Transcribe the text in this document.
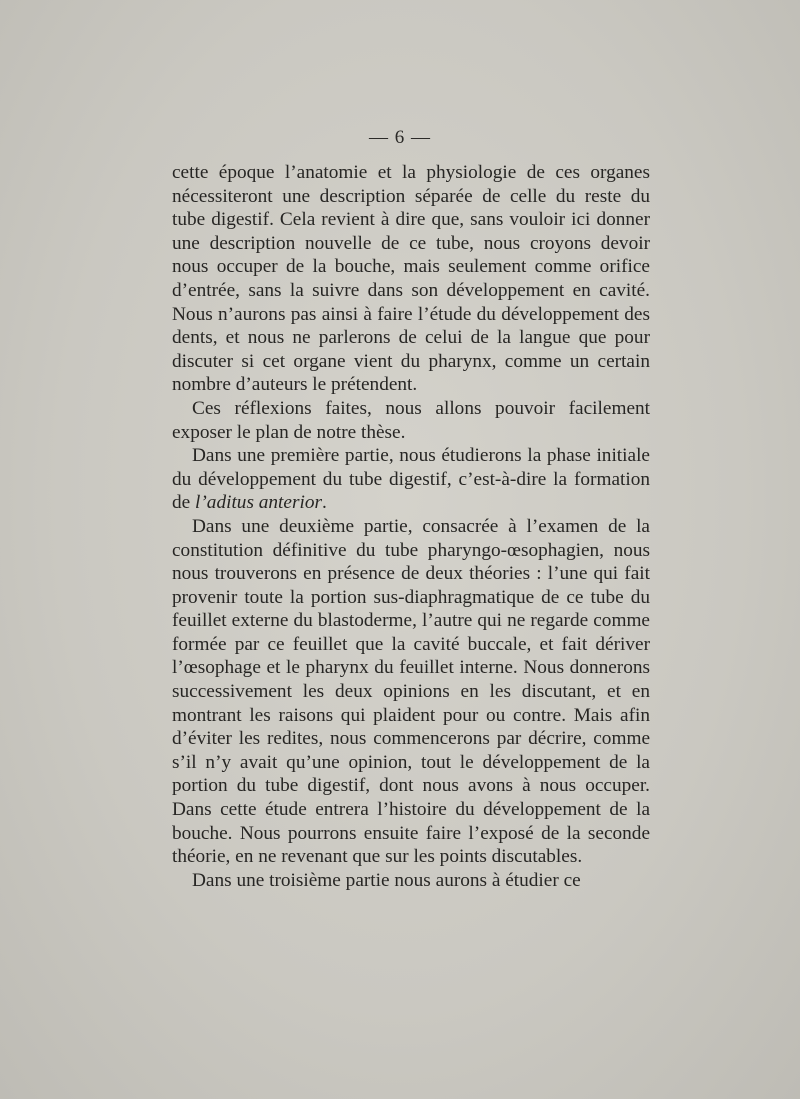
— 6 —

cette époque l’anatomie et la physiologie de ces organes nécessiteront une description séparée de celle du reste du tube digestif. Cela revient à dire que, sans vouloir ici donner une description nouvelle de ce tube, nous croyons devoir nous occuper de la bouche, mais seulement comme orifice d’entrée, sans la suivre dans son développement en cavité. Nous n’aurons pas ainsi à faire l’étude du développement des dents, et nous ne parlerons de celui de la langue que pour discuter si cet organe vient du pharynx, comme un certain nombre d’auteurs le prétendent.

Ces réflexions faites, nous allons pouvoir facilement exposer le plan de notre thèse.

Dans une première partie, nous étudierons la phase initiale du développement du tube digestif, c’est-à-dire la formation de l’aditus anterior.

Dans une deuxième partie, consacrée à l’examen de la constitution définitive du tube pharyngo-œsophagien, nous nous trouverons en présence de deux théories : l’une qui fait provenir toute la portion sus-diaphragmatique de ce tube du feuillet externe du blastoderme, l’autre qui ne regarde comme formée par ce feuillet que la cavité buccale, et fait dériver l’œsophage et le pharynx du feuillet interne. Nous donnerons successivement les deux opinions en les discutant, et en montrant les raisons qui plaident pour ou contre. Mais afin d’éviter les redites, nous commencerons par décrire, comme s’il n’y avait qu’une opinion, tout le développement de la portion du tube digestif, dont nous avons à nous occuper. Dans cette étude entrera l’histoire du développement de la bouche. Nous pourrons ensuite faire l’exposé de la seconde théorie, en ne revenant que sur les points discutables.

Dans une troisième partie nous aurons à étudier ce
